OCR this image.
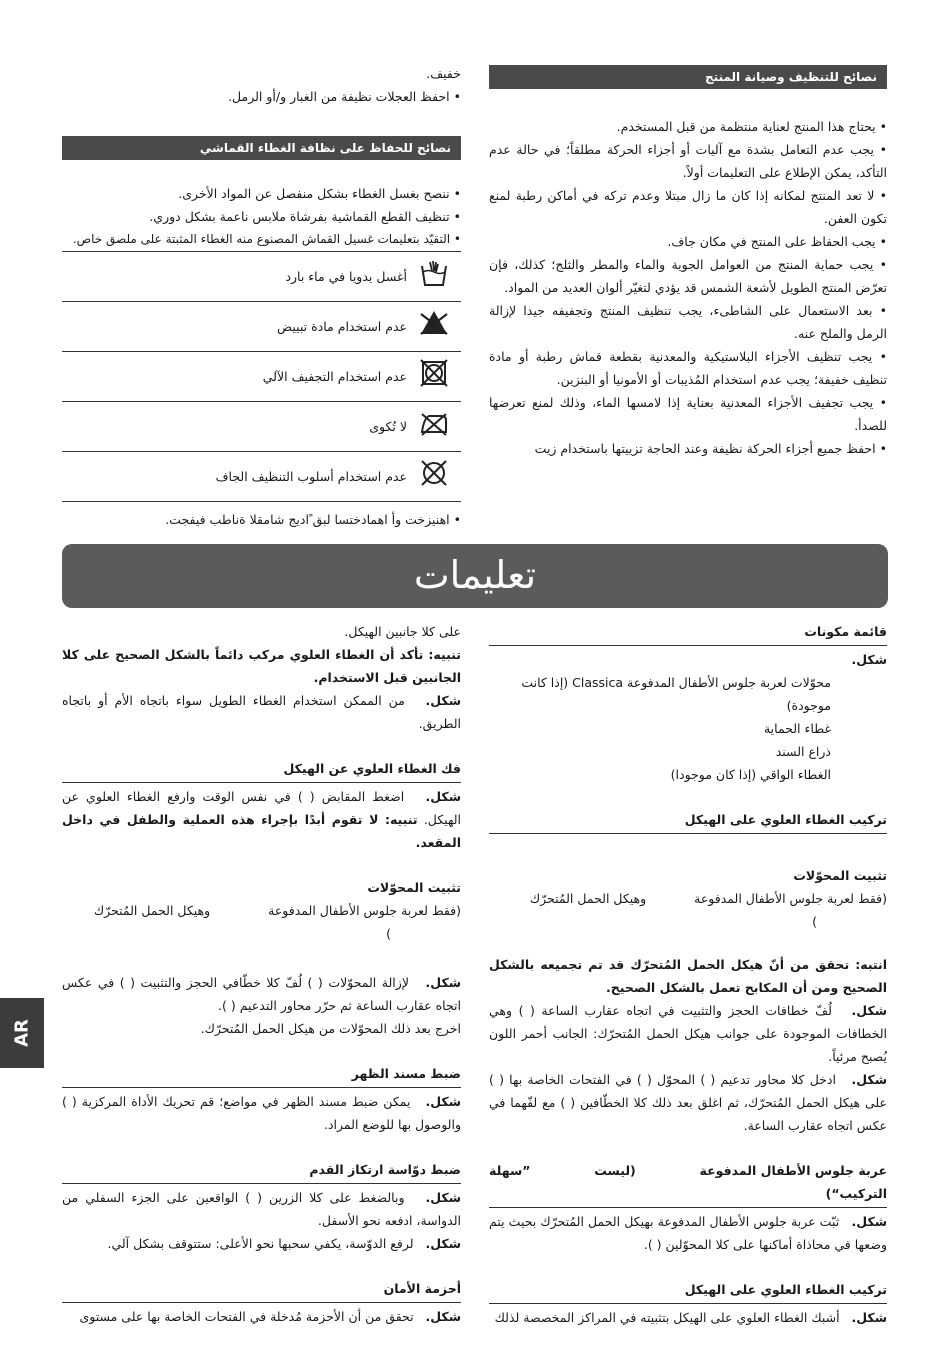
نصائح للتنظيف وصيانة المنتج
• يحتاج هذا المنتج لعناية منتظمة من قبل المستخدم.
• يجب عدم التعامل بشدة مع آليات أو أجزاء الحركة مطلقاً؛ في حالة عدم التأكد، يمكن الإطلاع على التعليمات أولاً.
• لا تعد المنتج لمكانه إذا كان ما زال مبتلا وعدم تركه في أماكن رطبة لمنع تكون العفن.
• يجب الحفاظ على المنتج في مكان جاف.
• يجب حماية المنتج من العوامل الجوية والماء والمطر والثلج؛ كذلك، فإن تعرّض المنتج الطويل لأشعة الشمس قد يؤدي لتغيّر ألوان العديد من المواد.
• بعد الاستعمال على الشاطىء، يجب تنظيف المنتج وتجفيفه جيدا لإزالة الرمل والملح عنه.
• يجب تنظيف الأجزاء البلاستيكية والمعدنية بقطعة قماش رطبة أو مادة تنظيف خفيفة؛ يجب عدم استخدام المُذيبات أو الأمونيا أو البنزين.
• يجب تجفيف الأجزاء المعدنية بعناية إذا لامسها الماء، وذلك لمنع تعرضها للصدأ.
• احفظ جميع أجزاء الحركة نظيفة وعند الحاجة تزييتها باستخدام زيت

خفيف.

• احفظ العجلات نظيفة من الغبار و/أو الرمل.
نصائح للحفاظ على نظافة الغطاء القماشي
• ننصح بغسل الغطاء بشكل منفصل عن المواد الأخرى.
• تنظيف القطع القماشية بفرشاة ملابس ناعمة بشكل دوري.
• التقيّد بتعليمات غسيل القماش المصنوع منه الغطاء المثبتة على ملصق خاص.
أغسل يدويا في ماء بارد
عدم استخدام مادة تبييض
عدم استخدام التجفيف الآلي
لا تُكوى
عدم استخدام أسلوب التنظيف الجاف

.اهنيزخت وأ اهمادختسا لبق ًاديج شامقلا ةناطب فيفجت •

تعليمات
AR
قائمة مكونات

شكل.

محوّلات لعربة جلوس الأطفال المدفوعة Classica (إذا كانت موجودة)

غطاء الحماية

ذراع السند

الغطاء الواقي (إذا كان موجودا)

تركيب الغطاء العلوي على الهيكل

تثبيت المحوّلات

(فقط لعربة جلوس الأطفال المدفوعة  وهيكل الحمل المُتحرّك

)

انتبه: تحقق من أنّ هيكل الحمل المُتحرّك قد تم تجميعه بالشكل الصحيح ومن أن المكابح تعمل بالشكل الصحيح.

شكل.   لُفّ خطافات الحجز والتثبيت في اتجاه عقارب الساعة ( ) وهي الخطافات الموجودة على جوانب هيكل الحمل المُتحرّك: الجانب أحمر اللون يُصبح مرئياً.

شكل.   ادخل كلا محاور تدعيم ( ) المحوّل ( ) في الفتحات الخاصة بها ( ) على هيكل الحمل المُتحرّك، ثم اغلق بعد ذلك كلا الخطّافين ( ) مع لفّهما في عكس اتجاه عقارب الساعة.

عربة جلوس الأطفال المدفوعة
(ليست
”سهلة
التركيب“)

شكل.   ثبّت عربة جلوس الأطفال المدفوعة بهيكل الحمل المُتحرّك بحيث يتم وضعها في محاذاة أماكنها على كلا المحوّلين ( ).

تركيب الغطاء العلوي على الهيكل

شكل.   أشبك الغطاء العلوي على الهيكل بتثبيته في المراكز المخصصة لذلك

على كلا جانبين الهيكل.

تنبيه: تأكد أن الغطاء العلوي مركب دائماً بالشكل الصحيح على كلا الجانبين قبل الاستخدام.

شكل.   من الممكن استخدام الغطاء الطويل سواء باتجاه الأم أو باتجاه الطريق.

فك الغطاء العلوي عن الهيكل

شكل.   اضغط المقابض ( ) في نفس الوقت وارفع الغطاء العلوي عن الهيكل. تنبيه: لا تقوم أبدًا بإجراء هذه العملية والطفل في داخل المقعد.

تثبيت المحوّلات

(فقط لعربة جلوس الأطفال المدفوعة  وهيكل الحمل المُتحرّك

)

شكل.   لإزالة المحوّلات ( ) لُفّ كلا خطّافي الحجز والتثبيت ( ) في عكس اتجاه عقارب الساعة ثم حرّر محاور التدعيم ( ).

اخرج بعد ذلك المحوّلات من هيكل الحمل المُتحرّك.

ضبط مسند الظهر

شكل.   يمكن ضبط مسند الظهر في مواضع؛ قم تحريك الأداة المركزية ( ) والوصول بها للوضع المراد.

ضبط دوّاسة ارتكاز القدم

شكل.   وبالضغط على كلا الزرين ( ) الواقعين على الجزء السفلي من الدواسة، ادفعه نحو الأسفل.

شكل.   لرفع الدوّسة، يكفي سحبها نحو الأعلى: ستتوقف بشكل آلي.

أحزمة الأمان

شكل.   تحقق من أن الأحزمة مُدخلة في الفتحات الخاصة بها على مستوى
